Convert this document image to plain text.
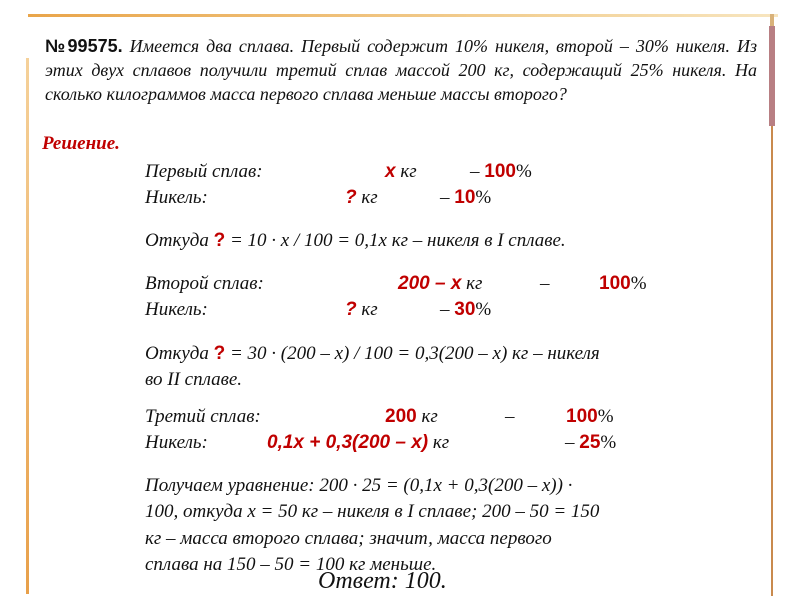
№99575. Имеется два сплава. Первый содержит 10% никеля, второй – 30% никеля. Из этих двух сплавов получили третий сплав массой 200 кг, содержащий 25% никеля. На сколько килограммов масса первого сплава меньше массы второго?
Решение.
Первый сплав:	х кг	– 100%
Никель:	? кг	– 10%
Откуда ? = 10 · х / 100 = 0,1х кг – никеля в I сплаве.
Второй сплав:	200 – х кг	–	100%
Никель:	? кг	– 30%
Откуда ? = 30 · (200 – х) / 100 = 0,3(200 – х) кг – никеля
во II сплаве.
Третий сплав:	200 кг	–	100%
Никель:	0,1х + 0,3(200 – х) кг	– 25%
Получаем уравнение: 200 · 25 = (0,1х + 0,3(200 – х)) ·
100, откуда х = 50 кг – никеля в I сплаве; 200 – 50 = 150
кг – масса второго сплава; значит, масса первого
сплава на 150 – 50 = 100 кг меньше.
Ответ: 100.
